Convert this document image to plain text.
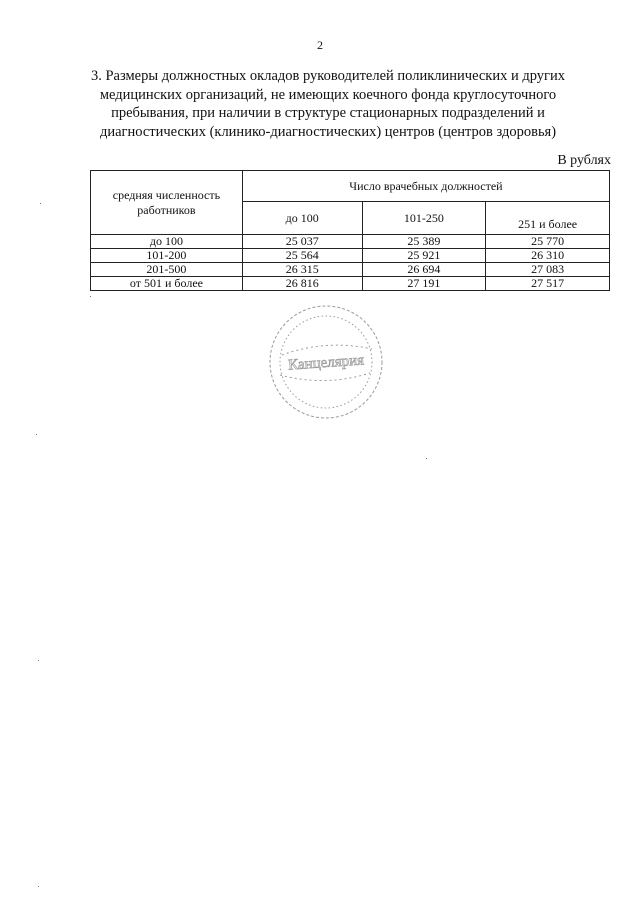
2
3. Размеры должностных окладов руководителей поликлинических и других
медицинских организаций, не имеющих коечного фонда круглосуточного
пребывания, при наличии в структуре стационарных подразделений и
диагностических (клинико-диагностических) центров (центров здоровья)
В рублях
средняя численность работников	Число врачебных должностей		
	до 100	101-250	251 и более
до 100	25 037	25 389	25 770
101-200	25 564	25 921	26 310
201-500	26 315	26 694	27 083
от 501 и более	26 816	27 191	27 517
Канцелярия
